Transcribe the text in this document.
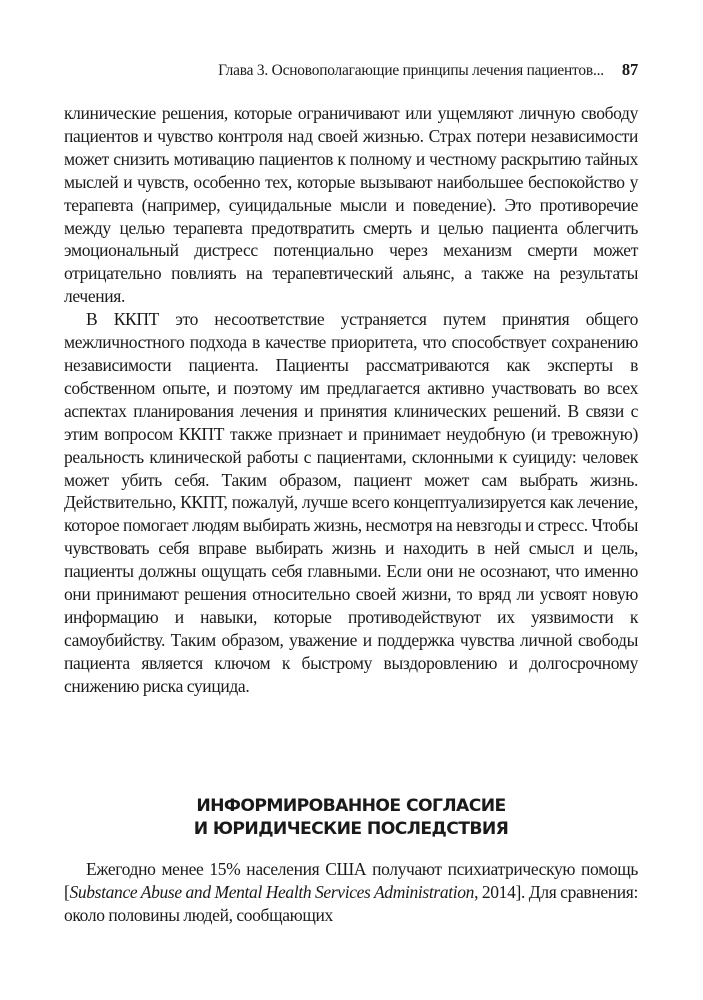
Глава 3. Основополагающие принципы лечения пациентов... 87

клинические решения, которые ограничивают или ущемляют личную свободу пациентов и чувство контроля над своей жизнью. Страх потери независимости может снизить мотивацию пациентов к полному и честному раскрытию тайных мыслей и чувств, особенно тех, которые вызывают наибольшее беспокойство у терапевта (например, суицидальные мысли и поведение). Это противоречие между целью терапевта предотвратить смерть и целью пациента облегчить эмоциональный дистресс потенциально через механизм смерти может отрицательно повлиять на терапевтический альянс, а также на результаты лечения.

В ККПТ это несоответствие устраняется путем принятия общего межличностного подхода в качестве приоритета, что способствует сохранению независимости пациента. Пациенты рассматриваются как эксперты в собственном опыте, и поэтому им предлагается активно участвовать во всех аспектах планирования лечения и принятия клинических решений. В связи с этим вопросом ККПТ также признает и принимает неудобную (и тревожную) реальность клинической работы с пациентами, склонными к суициду: человек может убить себя. Таким образом, пациент может сам выбрать жизнь. Действительно, ККПТ, пожалуй, лучше всего концептуализируется как лечение, которое помогает людям выбирать жизнь, несмотря на невзгоды и стресс. Чтобы чувствовать себя вправе выбирать жизнь и находить в ней смысл и цель, пациенты должны ощущать себя главными. Если они не осознают, что именно они принимают решения относительно своей жизни, то вряд ли усвоят новую информацию и навыки, которые противодействуют их уязвимости к самоубийству. Таким образом, уважение и поддержка чувства личной свободы пациента является ключом к быстрому выздоровлению и долгосрочному снижению риска суицида.

ИНФОРМИРОВАННОЕ СОГЛАСИЕ
И ЮРИДИЧЕСКИЕ ПОСЛЕДСТВИЯ

Ежегодно менее 15% населения США получают психиатрическую помощь [Substance Abuse and Mental Health Services Administration, 2014]. Для сравнения: около половины людей, сообщающих
